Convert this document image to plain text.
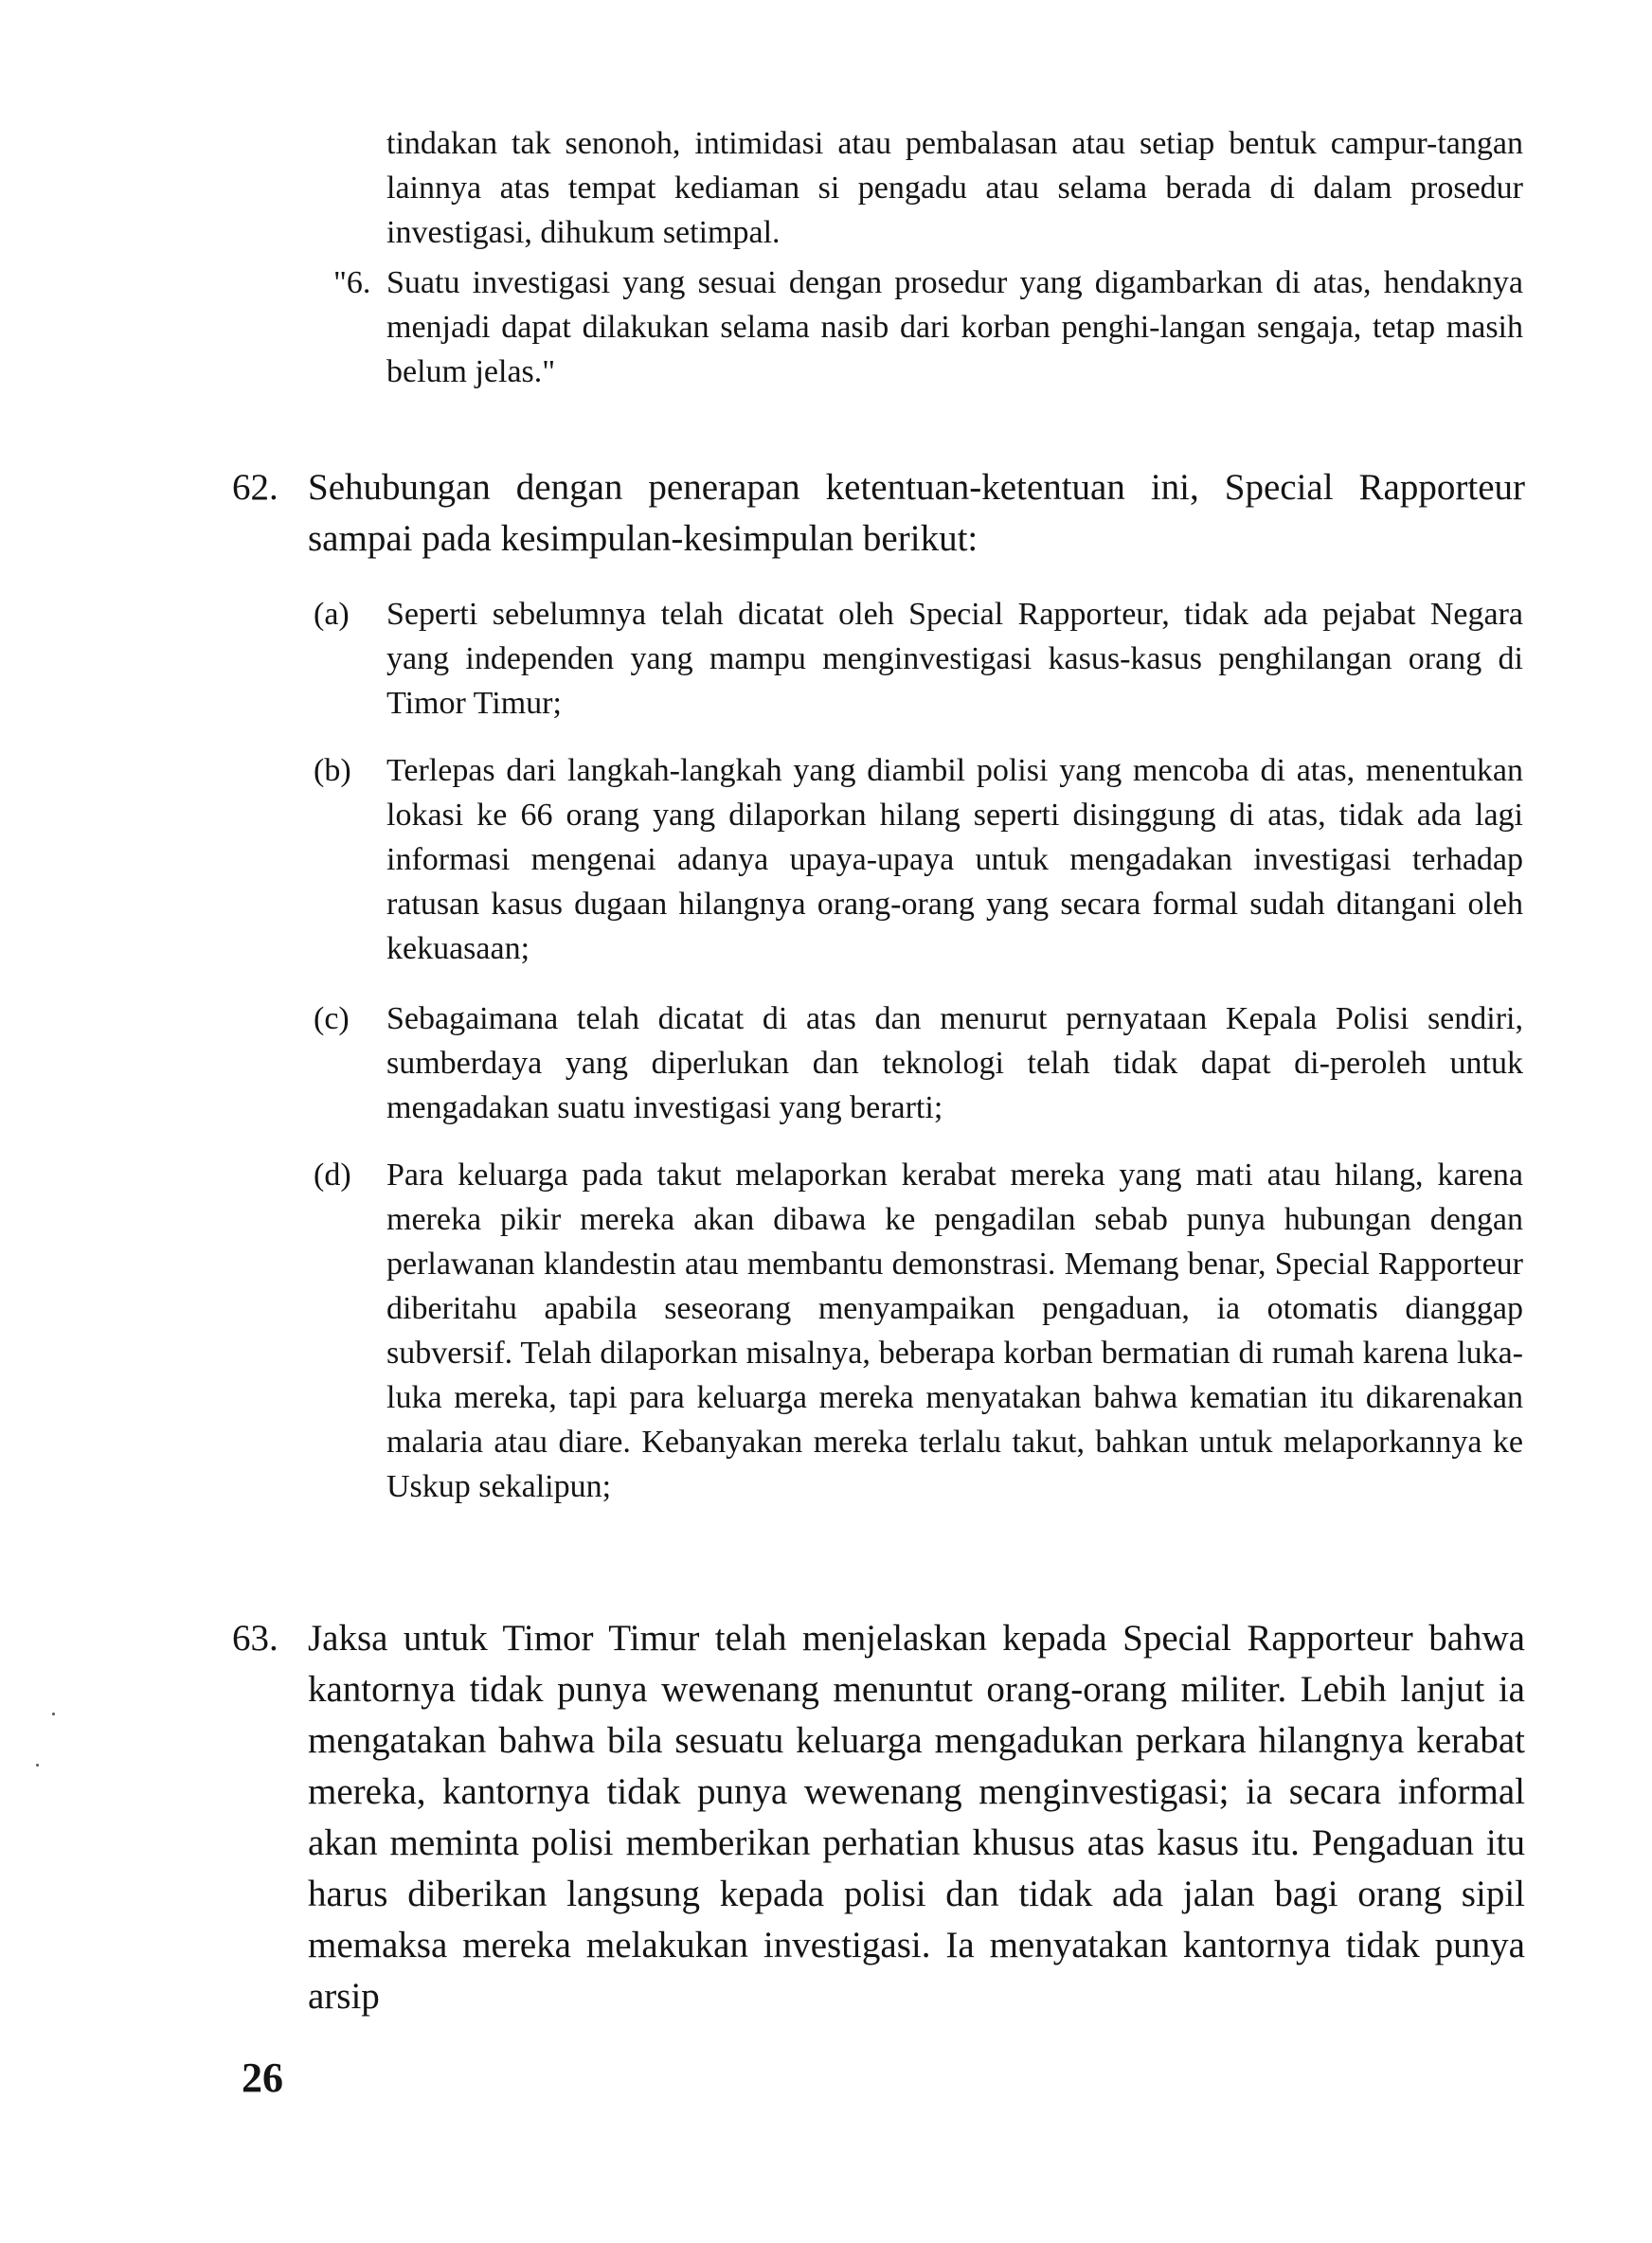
tindakan tak senonoh, intimidasi atau pembalasan atau setiap bentuk campur-tangan lainnya atas tempat kediaman si pengadu atau selama berada di dalam prosedur investigasi, dihukum setimpal.
"6. Suatu investigasi yang sesuai dengan prosedur yang digambarkan di atas, hendaknya menjadi dapat dilakukan selama nasib dari korban penghi-langan sengaja, tetap masih belum jelas."
62. Sehubungan dengan penerapan ketentuan-ketentuan ini, Special Rapporteur sampai pada kesimpulan-kesimpulan berikut:
(a) Seperti sebelumnya telah dicatat oleh Special Rapporteur, tidak ada pejabat Negara yang independen yang mampu menginvestigasi kasus-kasus penghilangan orang di Timor Timur;
(b) Terlepas dari langkah-langkah yang diambil polisi yang mencoba di atas, menentukan lokasi ke 66 orang yang dilaporkan hilang seperti disinggung di atas, tidak ada lagi informasi mengenai adanya upaya-upaya untuk mengadakan investigasi terhadap ratusan kasus dugaan hilangnya orang-orang yang secara formal sudah ditangani oleh kekuasaan;
(c) Sebagaimana telah dicatat di atas dan menurut pernyataan Kepala Polisi sendiri, sumberdaya yang diperlukan dan teknologi telah tidak dapat di-peroleh untuk mengadakan suatu investigasi yang berarti;
(d) Para keluarga pada takut melaporkan kerabat mereka yang mati atau hilang, karena mereka pikir mereka akan dibawa ke pengadilan sebab punya hubungan dengan perlawanan klandestin atau membantu demonstrasi. Memang benar, Special Rapporteur diberitahu apabila seseorang menyampaikan pengaduan, ia otomatis dianggap subversif. Telah dilaporkan misalnya, beberapa korban bermatian di rumah karena luka-luka mereka, tapi para keluarga mereka menyatakan bahwa kematian itu dikarenakan malaria atau diare. Kebanyakan mereka terlalu takut, bahkan untuk melaporkannya ke Uskup sekalipun;
63. Jaksa untuk Timor Timur telah menjelaskan kepada Special Rapporteur bahwa kantornya tidak punya wewenang menuntut orang-orang militer. Lebih lanjut ia mengatakan bahwa bila sesuatu keluarga mengadukan perkara hilangnya kerabat mereka, kantornya tidak punya wewenang menginvestigasi; ia secara informal akan meminta polisi memberikan perhatian khusus atas kasus itu. Pengaduan itu harus diberikan langsung kepada polisi dan tidak ada jalan bagi orang sipil memaksa mereka melakukan investigasi. Ia menyatakan kantornya tidak punya arsip
26
